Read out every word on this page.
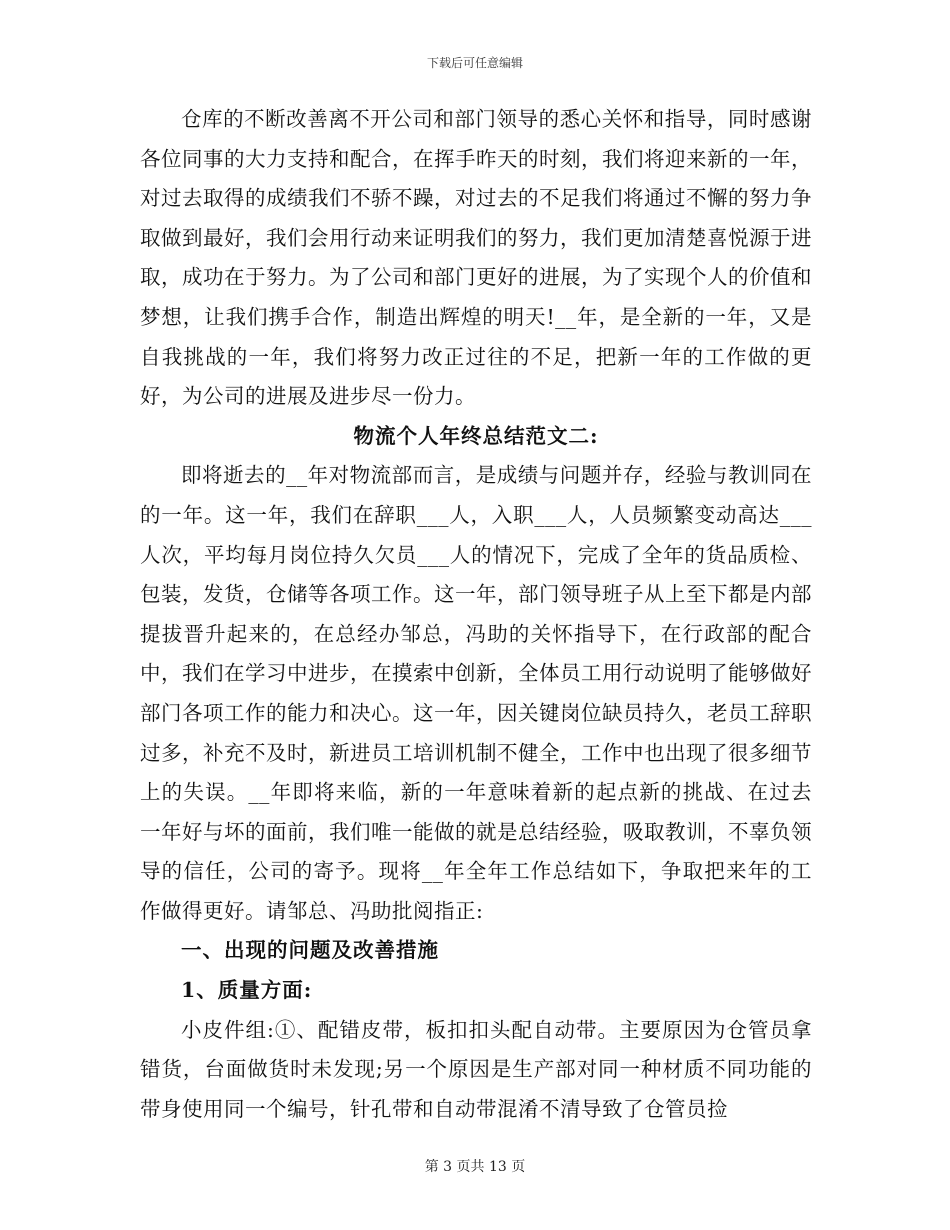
下载后可任意编辑

仓库的不断改善离不开公司和部门领导的悉心关怀和指导，同时感谢各位同事的大力支持和配合，在挥手昨天的时刻，我们将迎来新的一年，对过去取得的成绩我们不骄不躁，对过去的不足我们将通过不懈的努力争取做到最好，我们会用行动来证明我们的努力，我们更加清楚喜悦源于进取，成功在于努力。为了公司和部门更好的进展，为了实现个人的价值和梦想，让我们携手合作，制造出辉煌的明天!__年，是全新的一年，又是自我挑战的一年，我们将努力改正过往的不足，把新一年的工作做的更好，为公司的进展及进步尽一份力。

物流个人年终总结范文二:

即将逝去的__年对物流部而言，是成绩与问题并存，经验与教训同在的一年。这一年，我们在辞职___人，入职___人，人员频繁变动高达___人次，平均每月岗位持久欠员___人的情况下，完成了全年的货品质检、包装，发货，仓储等各项工作。这一年，部门领导班子从上至下都是内部提拔晋升起来的，在总经办邹总，冯助的关怀指导下，在行政部的配合中，我们在学习中进步，在摸索中创新，全体员工用行动说明了能够做好部门各项工作的能力和决心。这一年，因关键岗位缺员持久，老员工辞职过多，补充不及时，新进员工培训机制不健全，工作中也出现了很多细节上的失误。__年即将来临，新的一年意味着新的起点新的挑战、在过去一年好与坏的面前，我们唯一能做的就是总结经验，吸取教训，不辜负领导的信任，公司的寄予。现将__年全年工作总结如下，争取把来年的工作做得更好。请邹总、冯助批阅指正:

一、出现的问题及改善措施

1、质量方面:

小皮件组:①、配错皮带，板扣扣头配自动带。主要原因为仓管员拿错货，台面做货时未发现;另一个原因是生产部对同一种材质不同功能的带身使用同一个编号，针孔带和自动带混淆不清导致了仓管员捡

第 3 页共 13 页
